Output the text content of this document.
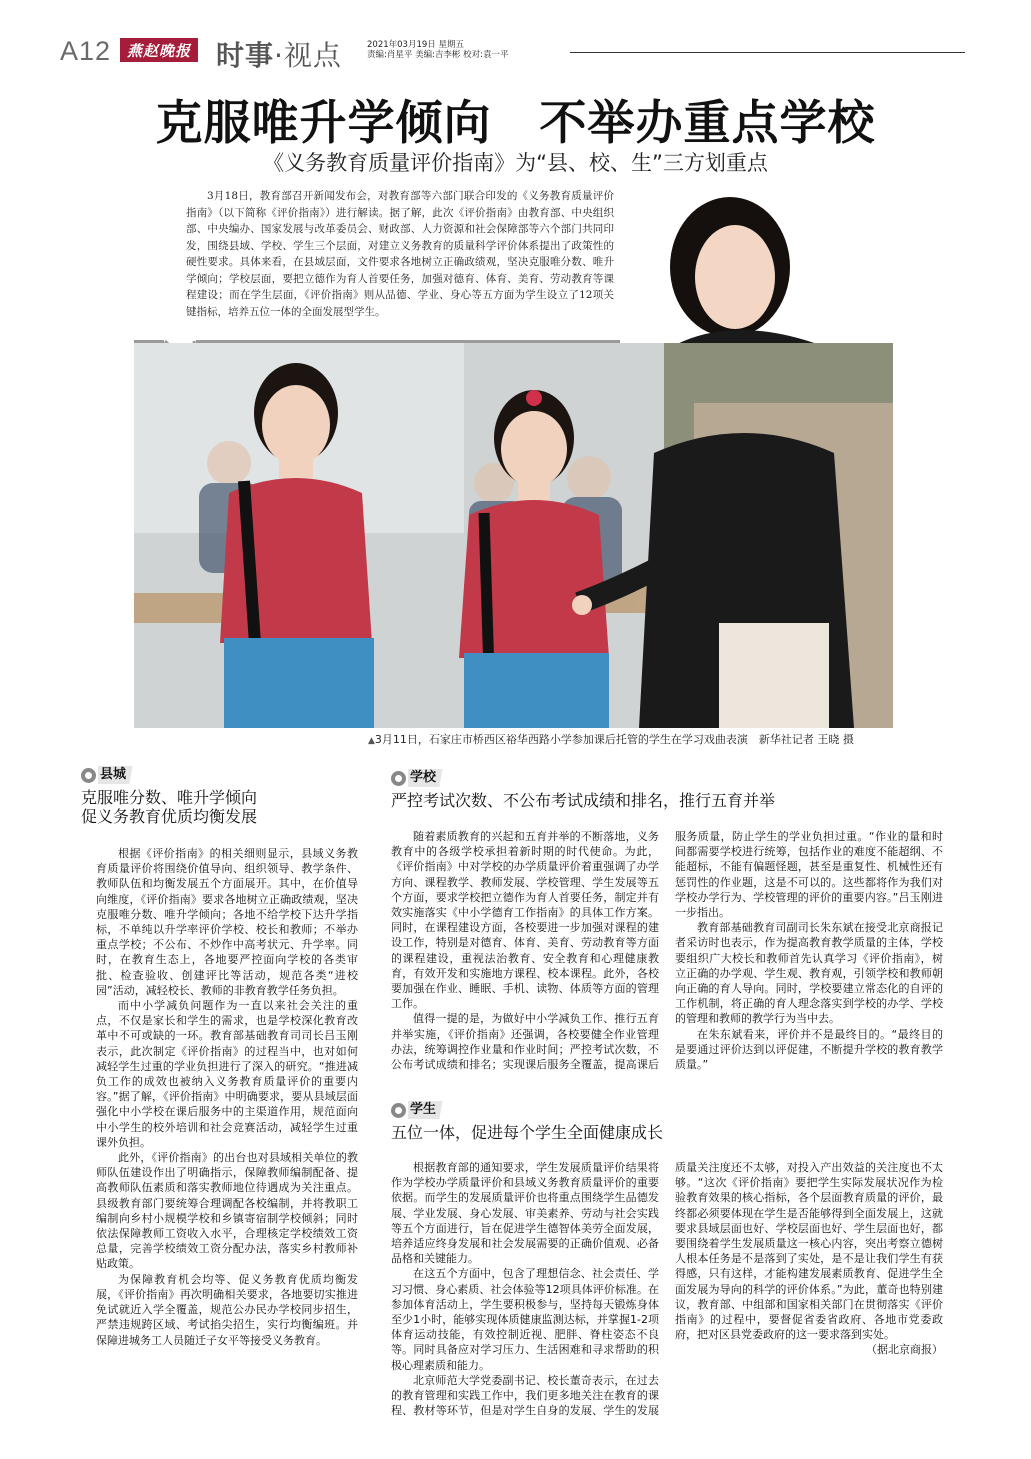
A12	燕赵晚报 时事·视点	2021年03月19日 星期五
责编:肖星平 美编:吉李彬 校对:袁一平
克服唯升学倾向　不举办重点学校
《义务教育质量评价指南》为“县、校、生”三方划重点

3月18日，教育部召开新闻发布会，对教育部等六部门联合印发的《义务教育质量评价指南》（以下简称《评价指南》）进行解读。据了解，此次《评价指南》由教育部、中央组织部、中央编办、国家发展与改革委员会、财政部、人力资源和社会保障部等六个部门共同印发，围绕县域、学校、学生三个层面，对建立义务教育的质量科学评价体系提出了政策性的硬性要求。具体来看，在县域层面，文件要求各地树立正确政绩观，坚决克服唯分数、唯升学倾向；学校层面，要把立德作为育人首要任务，加强对德育、体育、美育、劳动教育等课程建设；而在学生层面，《评价指南》则从品德、学业、身心等五方面为学生设立了12项关键指标，培养五位一体的全面发展型学生。

▲3月11日，石家庄市桥西区裕华西路小学参加课后托管的学生在学习戏曲表演　新华社记者 王晓 摄
县城
克服唯分数、唯升学倾向
促义务教育优质均衡发展

根据《评价指南》的相关细则显示，县域义务教育质量评价将围绕价值导向、组织领导、教学条件、教师队伍和均衡发展五个方面展开。其中，在价值导向维度，《评价指南》要求各地树立正确政绩观，坚决克服唯分数、唯升学倾向；各地不给学校下达升学指标，不单纯以升学率评价学校、校长和教师；不举办重点学校；不公布、不炒作中高考状元、升学率。同时，在教育生态上，各地要严控面向学校的各类审批、检查验收、创建评比等活动，规范各类“进校园”活动，减轻校长、教师的非教育教学任务负担。

而中小学减负问题作为一直以来社会关注的重点，不仅是家长和学生的需求，也是学校深化教育改革中不可或缺的一环。教育部基础教育司司长吕玉刚表示，此次制定《评价指南》的过程当中，也对如何减轻学生过重的学业负担进行了深入的研究。“推进减负工作的成效也被纳入义务教育质量评价的重要内容。”据了解，《评价指南》中明确要求，要从县域层面强化中小学校在课后服务中的主渠道作用，规范面向中小学生的校外培训和社会竞赛活动，减轻学生过重课外负担。

此外，《评价指南》的出台也对县域相关单位的教师队伍建设作出了明确指示，保障教师编制配备、提高教师队伍素质和落实教师地位待遇成为关注重点。县级教育部门要统筹合理调配各校编制，并将教职工编制向乡村小规模学校和乡镇寄宿制学校倾斜；同时依法保障教师工资收入水平，合理核定学校绩效工资总量，完善学校绩效工资分配办法，落实乡村教师补贴政策。

为保障教育机会均等、促义务教育优质均衡发展，《评价指南》再次明确相关要求，各地要切实推进免试就近入学全覆盖，规范公办民办学校同步招生，严禁违规跨区域、考试掐尖招生，实行均衡编班。并保障进城务工人员随迁子女平等接受义务教育。

学校
严控考试次数、不公布考试成绩和排名，推行五育并举

随着素质教育的兴起和五育并举的不断落地，义务教育中的各级学校承担着新时期的时代使命。为此，《评价指南》中对学校的办学质量评价着重强调了办学方向、课程教学、教师发展、学校管理、学生发展等五个方面，要求学校把立德作为育人首要任务，制定并有效实施落实《中小学德育工作指南》的具体工作方案。同时，在课程建设方面，各校要进一步加强对课程的建设工作，特别是对德育、体育、美育、劳动教育等方面的课程建设，重视法治教育、安全教育和心理健康教育，有效开发和实施地方课程、校本课程。此外，各校要加强在作业、睡眠、手机、读物、体质等方面的管理工作。

值得一提的是，为做好中小学减负工作、推行五育并举实施，《评价指南》还强调，各校要健全作业管理办法，统筹调控作业量和作业时间；严控考试次数，不公布考试成绩和排名；实现课后服务全覆盖，提高课后服务质量，防止学生的学业负担过重。“作业的量和时间都需要学校进行统筹，包括作业的难度不能超纲、不能超标，不能有偏题怪题，甚至是重复性、机械性还有惩罚性的作业题，这是不可以的。这些都将作为我们对学校办学行为、学校管理的评价的重要内容。”吕玉刚进一步指出。

教育部基础教育司副司长朱东斌在接受北京商报记者采访时也表示，作为提高教育教学质量的主体，学校要组织广大校长和教师首先认真学习《评价指南》，树立正确的办学观、学生观、教育观，引领学校和教师朝向正确的育人导向。同时，学校要建立常态化的自评的工作机制，将正确的育人理念落实到学校的办学、学校的管理和教师的教学行为当中去。

在朱东斌看来，评价并不是最终目的。“最终目的是要通过评价达到以评促建，不断提升学校的教育教学质量。”

学生
五位一体，促进每个学生全面健康成长

根据教育部的通知要求，学生发展质量评价结果将作为学校办学质量评价和县域义务教育质量评价的重要依据。而学生的发展质量评价也将重点围绕学生品德发展、学业发展、身心发展、审美素养、劳动与社会实践等五个方面进行，旨在促进学生德智体美劳全面发展，培养适应终身发展和社会发展需要的正确价值观、必备品格和关键能力。

在这五个方面中，包含了理想信念、社会责任、学习习惯、身心素质、社会体验等12项具体评价标准。在参加体育活动上，学生要积极参与，坚持每天锻炼身体至少1小时，能够实现体质健康监测达标，并掌握1-2项体育运动技能，有效控制近视、肥胖、脊柱姿态不良等。同时具备应对学习压力、生活困难和寻求帮助的积极心理素质和能力。

北京师范大学党委副书记、校长董奇表示，在过去的教育管理和实践工作中，我们更多地关注在教育的课程、教材等环节，但是对学生自身的发展、学生的发展质量关注度还不太够，对投入产出效益的关注度也不太够。“这次《评价指南》要把学生实际发展状况作为检验教育效果的核心指标，各个层面教育质量的评价，最终都必须要体现在学生是否能够得到全面发展上，这就要求县域层面也好、学校层面也好、学生层面也好，都要围绕着学生发展质量这一核心内容，突出考察立德树人根本任务是不是落到了实处，是不是让我们学生有获得感，只有这样，才能构建发展素质教育、促进学生全面发展为导向的科学的评价体系。”为此，董奇也特别建议，教育部、中组部和国家相关部门在贯彻落实《评价指南》的过程中，要督促省委省政府、各地市党委政府，把对区县党委政府的这一要求落到实处。

（据北京商报）
